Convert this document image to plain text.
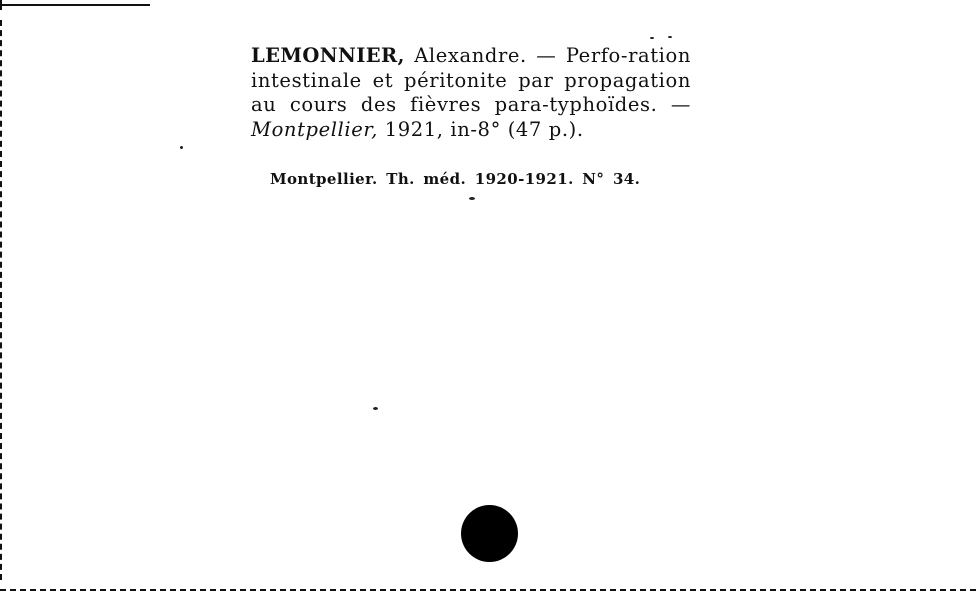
LEMONNIER, Alexandre. — Perfo-ration intestinale et péritonite par propagation au cours des fièvres para-typhoïdes. — Montpellier, 1921, in-8° (47 p.).
Montpellier. Th. méd. 1920-1921. N° 34.
